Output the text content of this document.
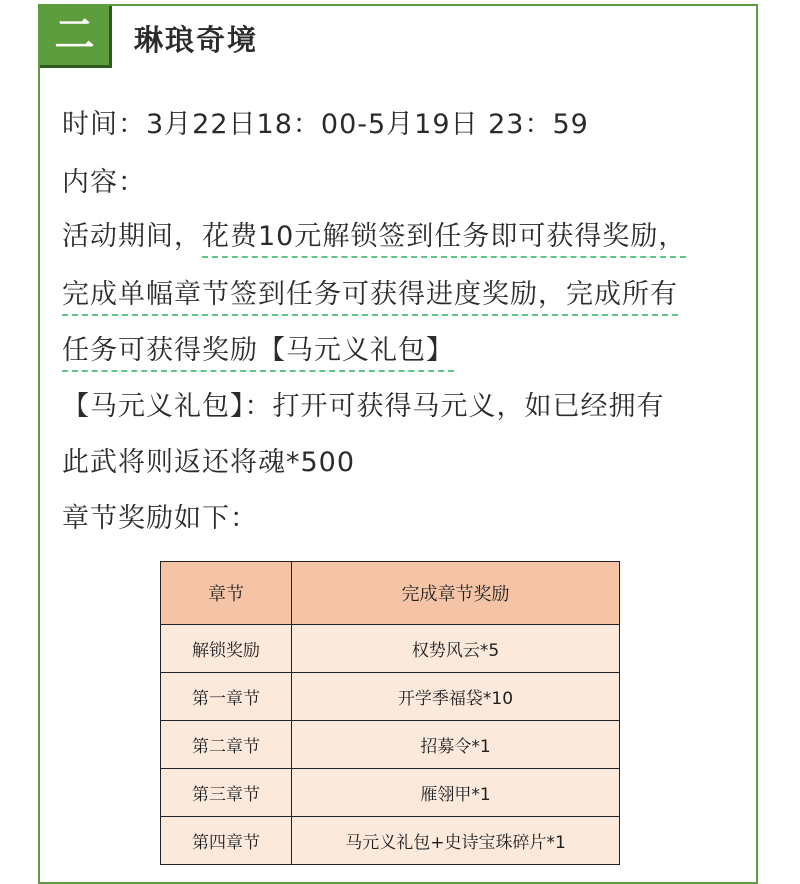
二	琳琅奇境
时间：3月22日18：00-5月19日 23：59
内容：
活动期间，花费10元解锁签到任务即可获得奖励，
完成单幅章节签到任务可获得进度奖励，完成所有
任务可获得奖励【马元义礼包】
【马元义礼包】：打开可获得马元义，如已经拥有
此武将则返还将魂*500
章节奖励如下：
章节	完成章节奖励
解锁奖励	权势风云*5
第一章节	开学季福袋*10
第二章节	招募令*1
第三章节	雁翎甲*1
第四章节	马元义礼包+史诗宝珠碎片*1
